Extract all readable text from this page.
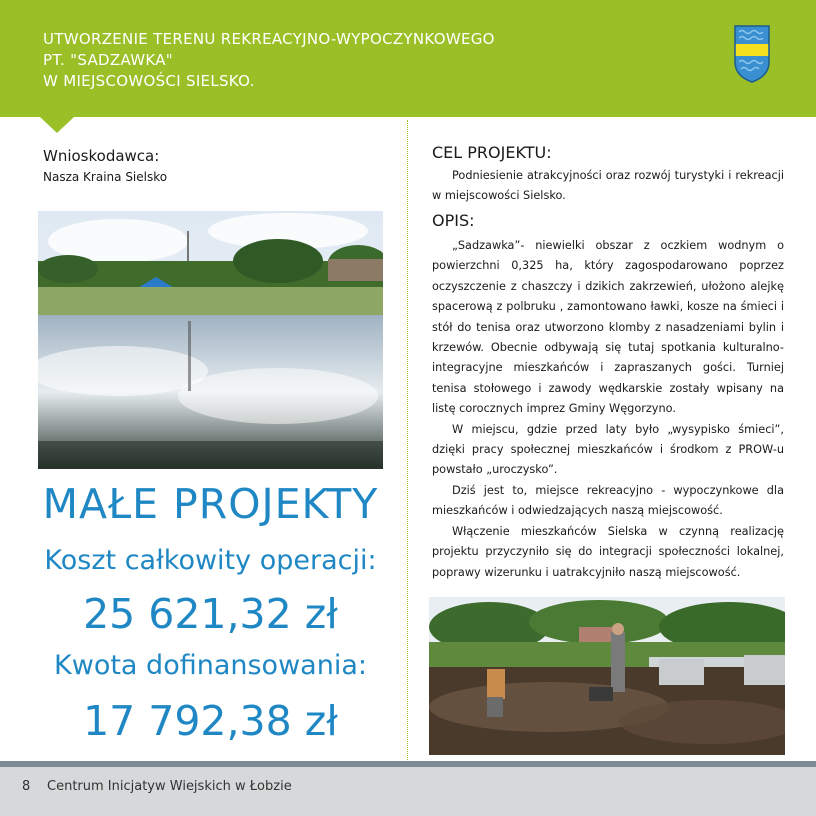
UTWORZENIE TERENU REKREACYJNO-WYPOCZYNKOWEGO
PT. "SADZAWKA"
W MIEJSCOWOŚCI SIELSKO.
Wnioskodawca:
Nasza Kraina Sielsko
MAŁE PROJEKTY
Koszt całkowity operacji:
25 621,32 zł
Kwota dofinansowania:
17 792,38 zł
CEL PROJEKTU:

Podniesienie atrakcyjności oraz rozwój turystyki i rekreacji w miejscowości Sielsko.

OPIS:

„Sadzawka”- niewielki obszar z oczkiem wodnym o powierzchni 0,325 ha, który zagospodarowano poprzez oczyszczenie z chaszczy i dzikich zakrzewień, ułożono alejkę spacerową z polbruku , zamontowano ławki, kosze na śmieci i stół do tenisa oraz utworzono klomby z nasadzeniami bylin i krzewów. Obecnie odbywają się tutaj spotkania kulturalno-integracyjne mieszkańców i zapraszanych gości. Turniej tenisa stołowego i zawody wędkarskie zostały wpisany na listę corocznych imprez Gminy Węgorzyno.

W miejscu, gdzie przed laty było „wysypisko śmieci”, dzięki pracy społecznej mieszkańców i środkom z PROW-u powstało „uroczysko”.

Dziś jest to, miejsce rekreacyjno - wypoczynkowe dla mieszkańców i odwiedzających naszą miejscowość.

Włączenie mieszkańców Sielska w czynną realizację projektu przyczyniło się do integracji społeczności lokalnej, poprawy wizerunku i uatrakcyjniło naszą miejscowość.

8 Centrum Inicjatyw Wiejskich w Łobzie
